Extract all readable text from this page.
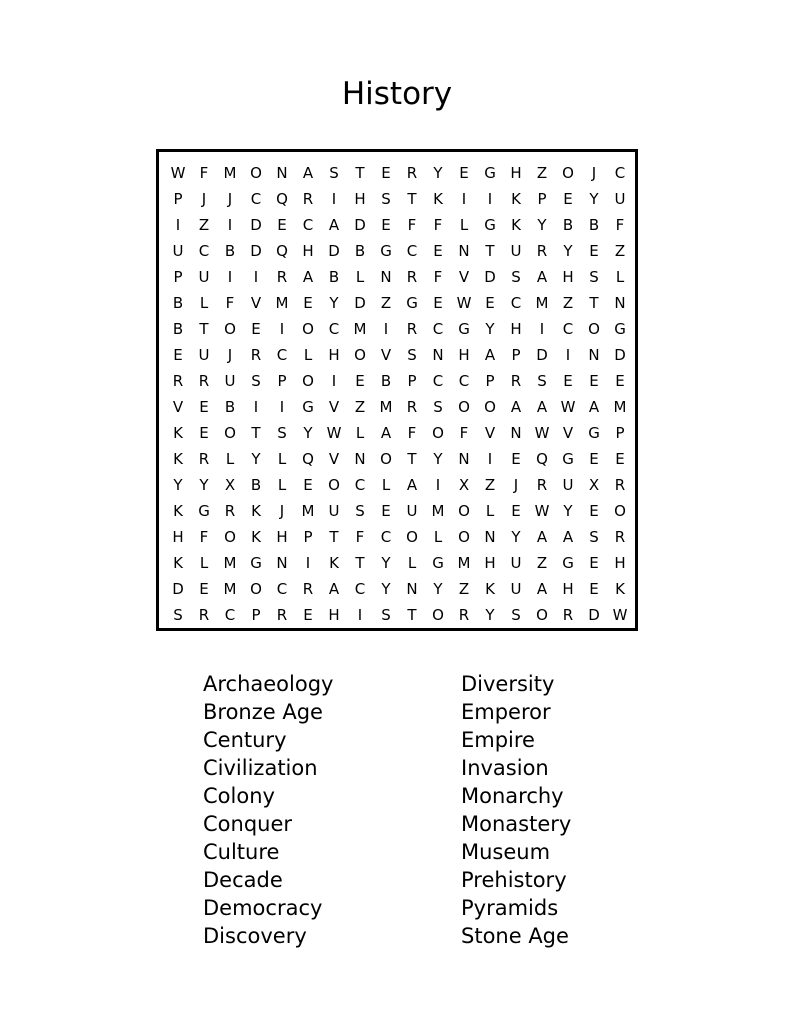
History
W F	M O N	A	S	T	E	R	Y	E	G H	Z O	J	C
P	J	J	C Q R	I	H	S	T	K	I	I	K	P	E	Y	U
I	Z	I	D	E	C	A	D	E	F	F	L	G	K	Y	B	B	F
U	C	B	D Q H D	B	G C	E	N	T	U	R	Y	E	Z
P	U	I	I	R	A	B	L	N	R	F	V	D	S	A	H	S	L
B	L	F	V M E	Y	D	Z	G	E W E	C M Z	T	N
B	T	O	E	I	O C M	I	R	C G	Y	H	I	C O G
E	U	J	R	C	L	H O V	S	N H	A	P	D	I	N D
R	R	U	S	P	O	I	E	B	P	C	C	P	R	S	E	E	E
V	E	B	I	I	G	V	Z M R	S	O O A	A W A M
K	E	O	T	S	Y W L	A	F	O	F	V	N W V	G	P
K	R	L	Y	L	Q V	N O	T	Y	N	I	E	Q G	E	E
Y	Y	X	B	L	E	O C	L	A	I	X	Z	J	R	U	X	R
K	G R	K	J	M U	S	E	U M O	L	E W Y	E	O
H	F	O	K	H	P	T	F	C O	L	O N	Y	A	A	S	R
K	L	M G N	I	K	T	Y	L	G M H U	Z	G	E	H
D	E M O C	R	A	C	Y	N	Y	Z	K	U	A	H	E	K
S	R	C	P	R	E	H	I	S	T	O R	Y	S	O R	D W
Archaeology
Bronze Age
Century
Civilization
Colony
Conquer
Culture
Decade
Democracy
Discovery
Diversity
Emperor
Empire
Invasion
Monarchy
Monastery
Museum
Prehistory
Pyramids
Stone Age
